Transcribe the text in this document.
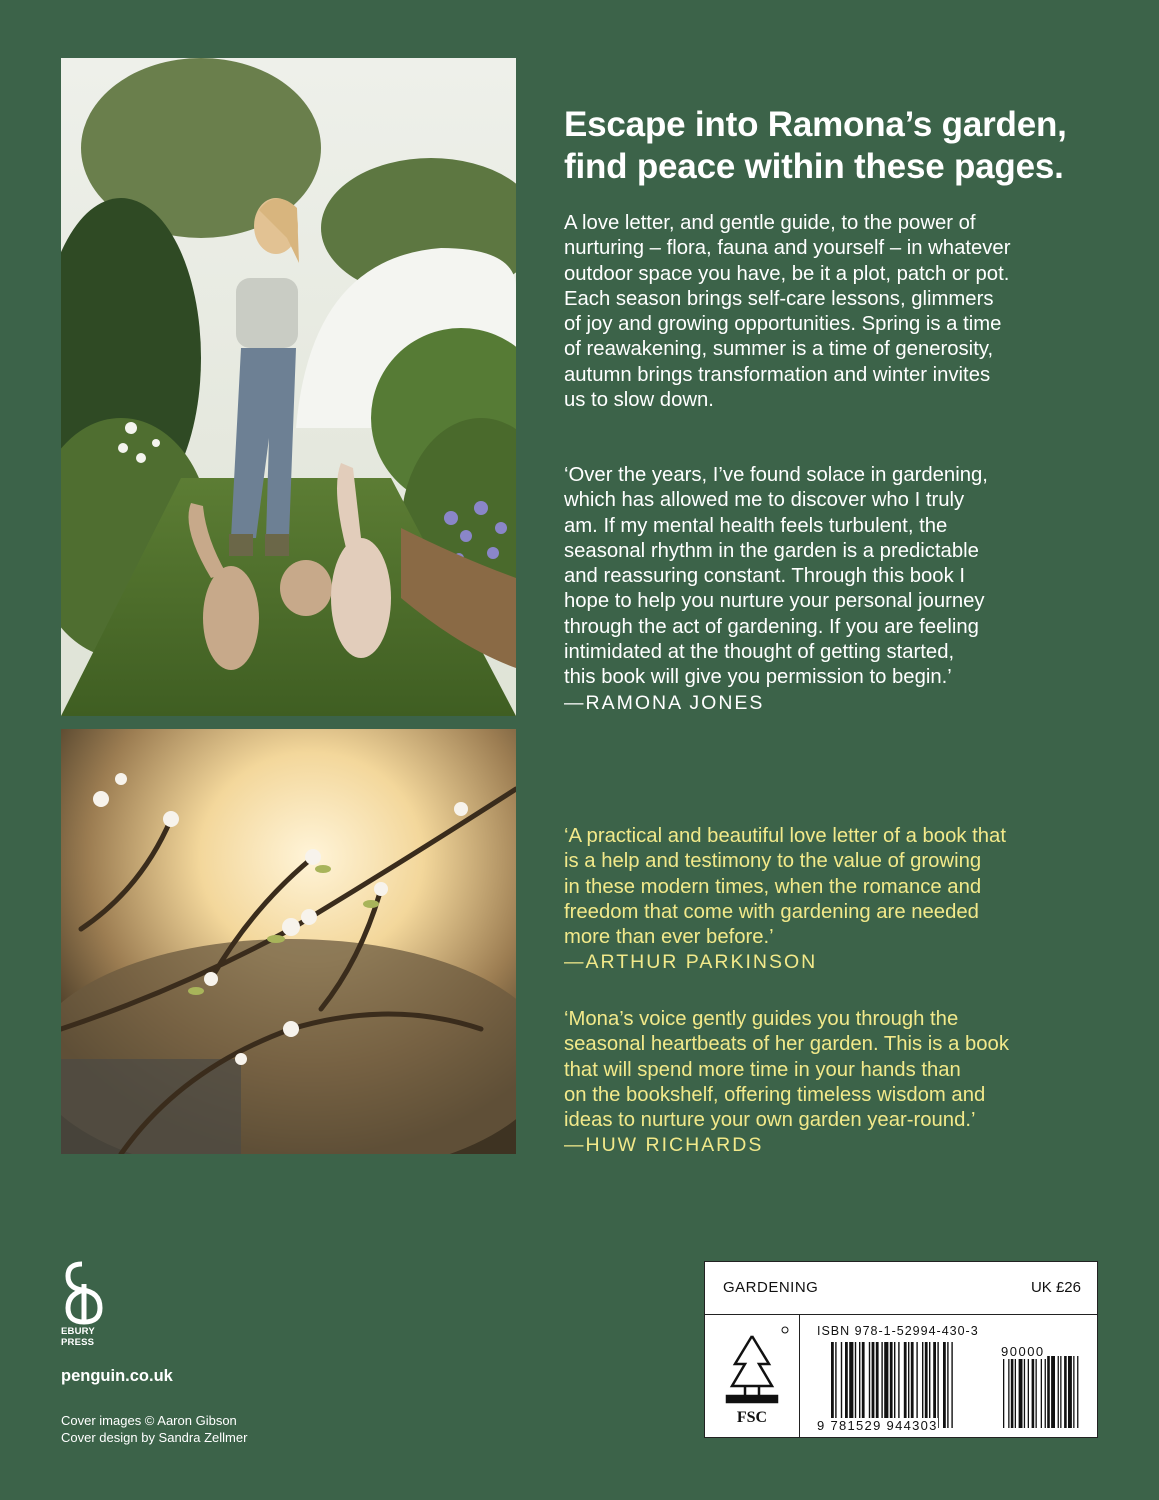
Escape into Ramona’s garden,
find peace within these pages.
A love letter, and gentle guide, to the power of
nurturing – flora, fauna and yourself – in whatever
outdoor space you have, be it a plot, patch or pot.
Each season brings self-care lessons, glimmers
of joy and growing opportunities. Spring is a time
of reawakening, summer is a time of generosity,
autumn brings transformation and winter invites
us to slow down.
‘Over the years, I’ve found solace in gardening,
which has allowed me to discover who I truly
am. If my mental health feels turbulent, the
seasonal rhythm in the garden is a predictable
and reassuring constant. Through this book I
hope to help you nurture your personal journey
through the act of gardening. If you are feeling
intimidated at the thought of getting started,
this book will give you permission to begin.’
—RAMONA JONES
‘A practical and beautiful love letter of a book that
is a help and testimony to the value of growing
in these modern times, when the romance and
freedom that come with gardening are needed
more than ever before.’
—ARTHUR PARKINSON
‘Mona’s voice gently guides you through the
seasonal heartbeats of her garden. This is a book
that will spend more time in your hands than
on the bookshelf, offering timeless wisdom and
ideas to nurture your own garden year-round.’
—HUW RICHARDS
EBURY
PRESS
penguin.co.uk
Cover images © Aaron Gibson
Cover design by Sandra Zellmer
GARDENING	UK £26
FSC
ISBN 978-1-52994-430-3
9 781529 944303
90000
